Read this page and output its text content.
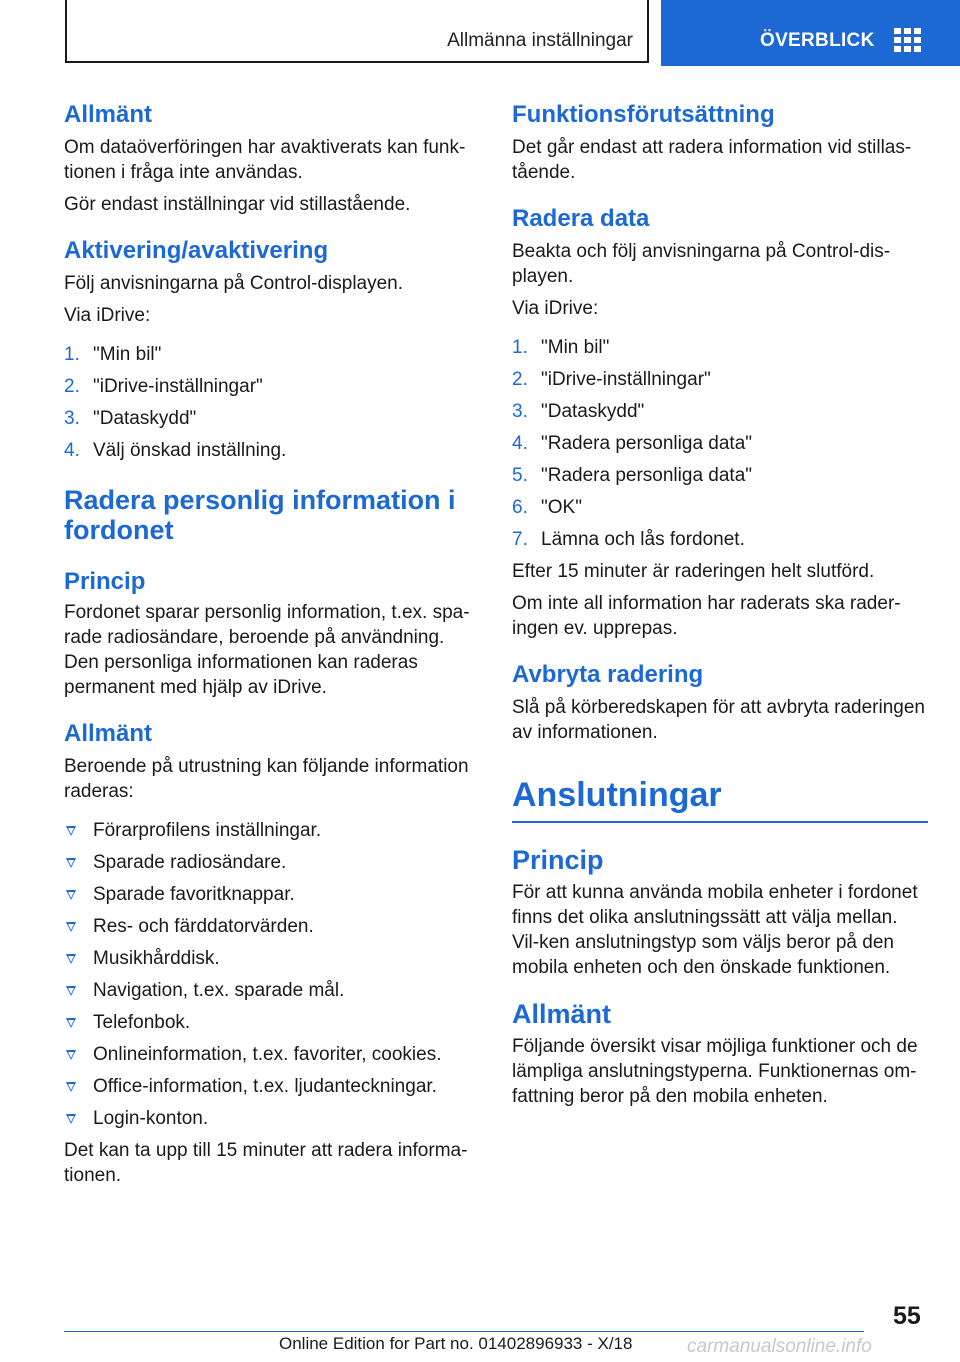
Allmänna inställningar	ÖVERBLICK
Allmänt

Om dataöverföringen har avaktiverats kan funk-tionen i fråga inte användas.

Gör endast inställningar vid stillastående.

Aktivering/avaktivering

Följ anvisningarna på Control-displayen.

Via iDrive:

1. "Min bil"
2. "iDrive-inställningar"
3. "Dataskydd"
4. Välj önskad inställning.
Radera personlig information i fordonet
Princip

Fordonet sparar personlig information, t.ex. spa-rade radiosändare, beroende på användning. Den personliga informationen kan raderas permanent med hjälp av iDrive.

Allmänt

Beroende på utrustning kan följande information raderas:

Förarprofilens inställningar.
Sparade radiosändare.
Sparade favoritknappar.
Res- och färddatorvärden.
Musikhårddisk.
Navigation, t.ex. sparade mål.
Telefonbok.
Onlineinformation, t.ex. favoriter, cookies.
Office-information, t.ex. ljudanteckningar.
Login-konton.

Det kan ta upp till 15 minuter att radera informa-tionen.

Funktionsförutsättning

Det går endast att radera information vid stillas-tående.

Radera data

Beakta och följ anvisningarna på Control-dis-playen.

Via iDrive:

1. "Min bil"
2. "iDrive-inställningar"
3. "Dataskydd"
4. "Radera personliga data"
5. "Radera personliga data"
6. "OK"
7. Lämna och lås fordonet.

Efter 15 minuter är raderingen helt slutförd.

Om inte all information har raderats ska rader-ingen ev. upprepas.

Avbryta radering

Slå på körberedskapen för att avbryta raderingen av informationen.

Anslutningar
Princip

För att kunna använda mobila enheter i fordonet finns det olika anslutningssätt att välja mellan. Vil-ken anslutningstyp som väljs beror på den mobila enheten och den önskade funktionen.

Allmänt

Följande översikt visar möjliga funktioner och de lämpliga anslutningstyperna. Funktionernas om-fattning beror på den mobila enheten.

55
Online Edition for Part no. 01402896933 - X/18	carmanualsonline.info
